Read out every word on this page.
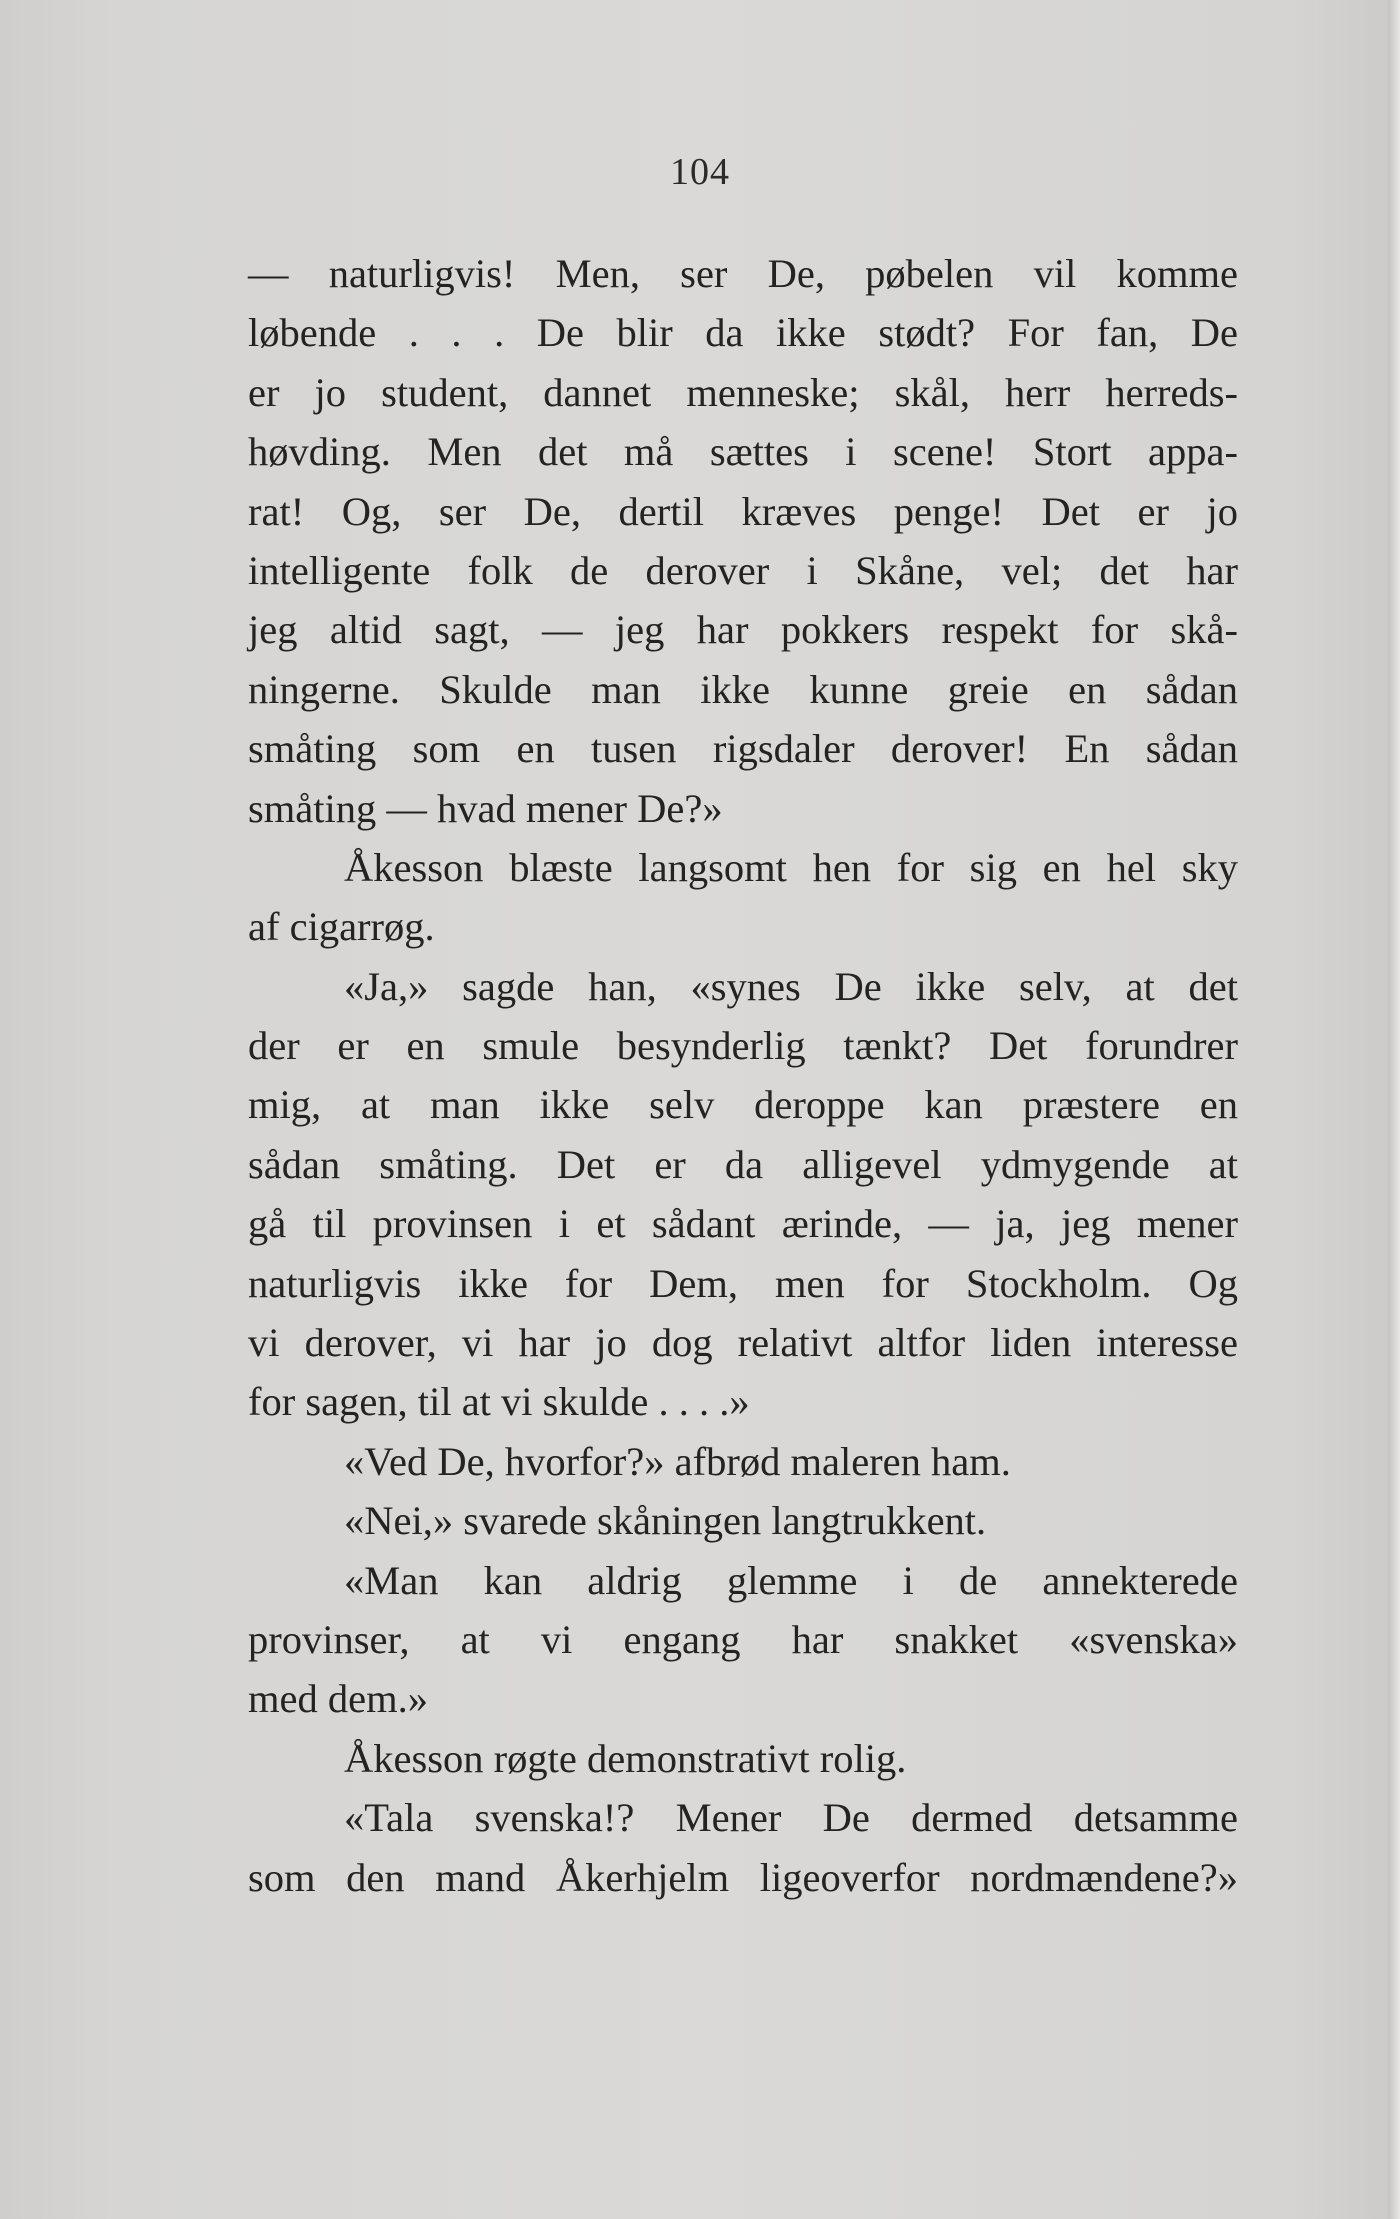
104
— naturligvis! Men, ser De, pøbelen vil komme
løbende . . . De blir da ikke stødt? For fan, De
er jo student, dannet menneske; skål, herr herreds-
høvding. Men det må sættes i scene! Stort appa-
rat! Og, ser De, dertil kræves penge! Det er jo
intelligente folk de derover i Skåne, vel; det har
jeg altid sagt, — jeg har pokkers respekt for skå-
ningerne. Skulde man ikke kunne greie en sådan
småting som en tusen rigsdaler derover! En sådan
småting — hvad mener De?»
Åkesson blæste langsomt hen for sig en hel sky
af cigarrøg.
«Ja,» sagde han, «synes De ikke selv, at det
der er en smule besynderlig tænkt? Det forundrer
mig, at man ikke selv deroppe kan præstere en
sådan småting. Det er da alligevel ydmygende at
gå til provinsen i et sådant ærinde, — ja, jeg mener
naturligvis ikke for Dem, men for Stockholm. Og
vi derover, vi har jo dog relativt altfor liden interesse
for sagen, til at vi skulde . . . .»
«Ved De, hvorfor?» afbrød maleren ham.
«Nei,» svarede skåningen langtrukkent.
«Man kan aldrig glemme i de annekterede
provinser, at vi engang har snakket «svenska»
med dem.»
Åkesson røgte demonstrativt rolig.
«Tala svenska!? Mener De dermed detsamme
som den mand Åkerhjelm ligeoverfor nordmændene?»
